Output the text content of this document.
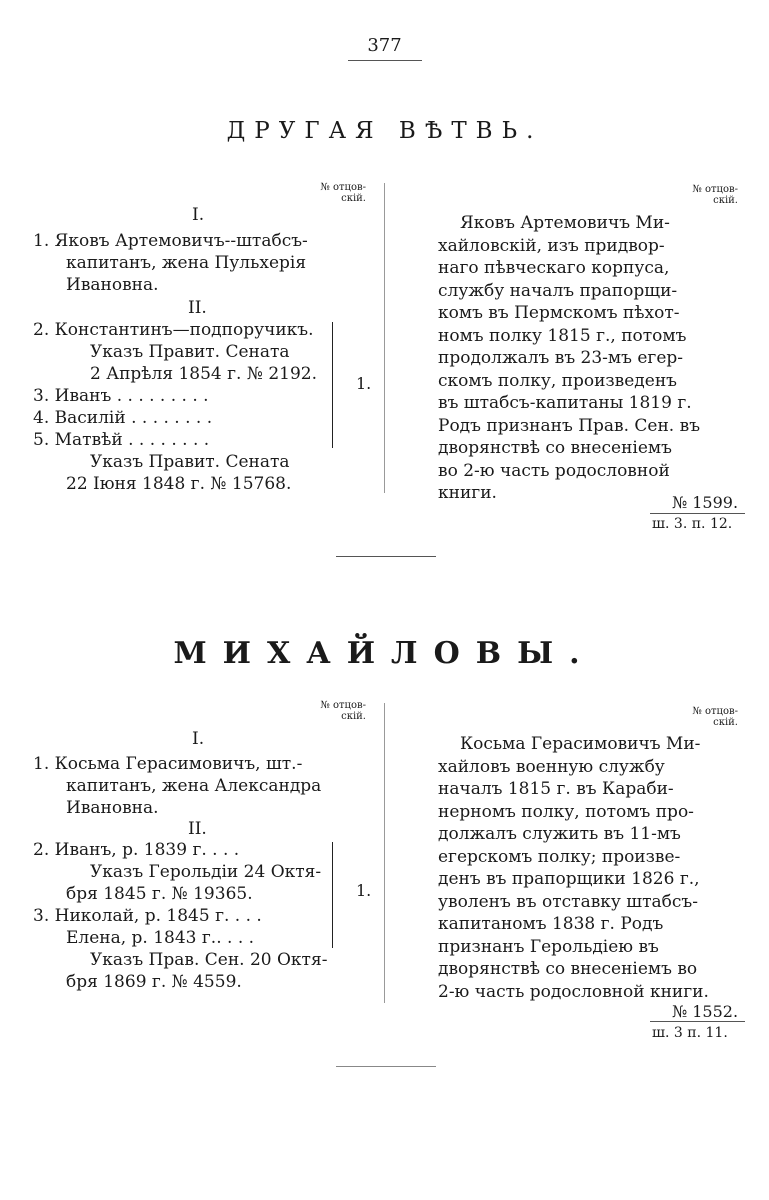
377
ДРУГАЯ ВѢТВЬ.
№ отцов-
скій.
№ отцов-
скій.
I.
1. Яковъ Артемовичъ--штабсъ-
капитанъ, жена Пульхерія
Ивановна.
II.
2. Константинъ—подпоручикъ.
Указъ Правит. Сената
2 Апрѣля 1854 г. № 2192.
3. Иванъ . . . . . . . . .
4. Василій . . . . . . . .
5. Матвѣй . . . . . . . .
Указъ Правит. Сената
22 Іюня 1848 г. № 15768.
1.
Яковъ Артемовичъ Ми-
хайловскій, изъ придвор-
наго пѣвческаго корпуса,
службу началъ прапорщи-
комъ въ Пермскомъ пѣхот-
номъ полку 1815 г., потомъ
продолжалъ въ 23-мъ егер-
скомъ полку, произведенъ
въ штабсъ-капитаны 1819 г.
Родъ признанъ Прав. Сен. въ
дворянствѣ со внесеніемъ
во 2-ю часть родословной
книги.	№ 1599.
ш. 3. п. 12.
МИХАЙЛОВЫ.
№ отцов-
скій.	№ отцов-
скій.
I.
1. Косьма Герасимовичъ, шт.-
капитанъ, жена Александра
Ивановна.
II.
2. Иванъ, р. 1839 г. . . .
Указъ Герольдіи 24 Октя-
бря 1845 г. № 19365.
3. Николай, р. 1845 г. . . .
Елена, р. 1843 г.. . . .
Указъ Прав. Сен. 20 Октя-
бря 1869 г. № 4559.
1.
Косьма Герасимовичъ Ми-
хайловъ военную службу
началъ 1815 г. въ Караби-
нерномъ полку, потомъ про-
должалъ служить въ 11-мъ
егерскомъ полку; произве-
денъ въ прапорщики 1826 г.,
уволенъ въ отставку штабсъ-
капитаномъ 1838 г. Родъ
признанъ Герольдіею въ
дворянствѣ со внесеніемъ во
2-ю часть родословной книги.
№ 1552.
ш. 3 п. 11.
